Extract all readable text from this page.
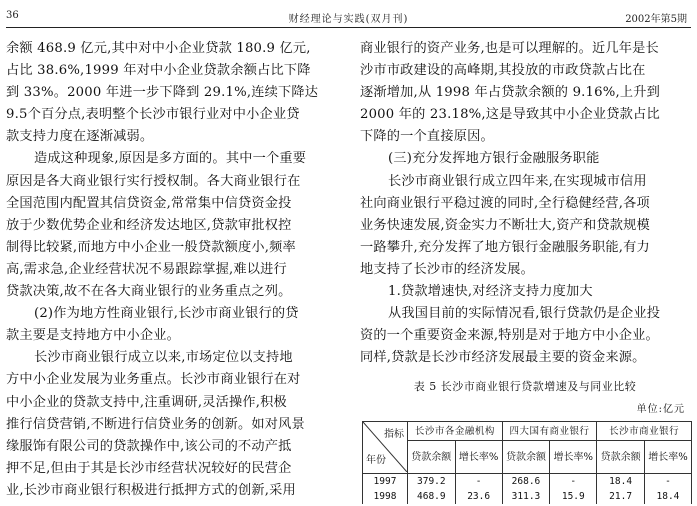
36	财经理论与实践(双月刊)	2002年第5期

余额 468.9 亿元,其中对中小企业贷款 180.9 亿元,

占比 38.6%,1999 年对中小企业贷款余额占比下降

到 33%。2000 年进一步下降到 29.1%,连续下降达

9.5个百分点,表明整个长沙市银行业对中小企业贷

款支持力度在逐渐减弱。

造成这种现象,原因是多方面的。其中一个重要

原因是各大商业银行实行授权制。各大商业银行在

全国范围内配置其信贷资金,常常集中信贷资金投

放于少数优势企业和经济发达地区,贷款审批权控

制得比较紧,而地方中小企业一般贷款额度小,频率

高,需求急,企业经营状况不易跟踪掌握,难以进行

贷款决策,故不在各大商业银行的业务重点之列。

(2)作为地方性商业银行,长沙市商业银行的贷

款主要是支持地方中小企业。

长沙市商业银行成立以来,市场定位以支持地

方中小企业发展为业务重点。长沙市商业银行在对

中小企业的贷款支持中,注重调研,灵活操作,积极

推行信贷营销,不断进行信贷业务的创新。如对风景

缘服饰有限公司的贷款操作中,该公司的不动产抵

押不足,但由于其是长沙市经营状况较好的民营企

业,长沙市商业银行积极进行抵押方式的创新,采用

商业银行的资产业务,也是可以理解的。近几年是长

沙市市政建设的高峰期,其投放的市政贷款占比在

逐渐增加,从 1998 年占贷款余额的 9.16%,上升到

2000 年的 23.18%,这是导致其中小企业贷款占比

下降的一个直接原因。

(三)充分发挥地方银行金融服务职能

长沙市商业银行成立四年来,在实现城市信用

社向商业银行平稳过渡的同时,全行稳健经营,各项

业务快速发展,资金实力不断壮大,资产和贷款规模

一路攀升,充分发挥了地方银行金融服务职能,有力

地支持了长沙市的经济发展。

1.贷款增速快,对经济支持力度加大

从我国目前的实际情况看,银行贷款仍是企业投

资的一个重要资金来源,特别是对于地方中小企业。

同样,贷款是长沙市经济发展最主要的资金来源。

表 5 长沙市商业银行贷款增速及与同业比较
单位:亿元
指标
年份	长沙市各金融机构		四大国有商业银行		长沙市商业银行	
	贷款余额	增长率%	贷款余额	增长率%	贷款余额	增长率%
1997	379.2	-	268.6	-	18.4	-
1998	468.9	23.6	311.3	15.9	21.7	18.4
